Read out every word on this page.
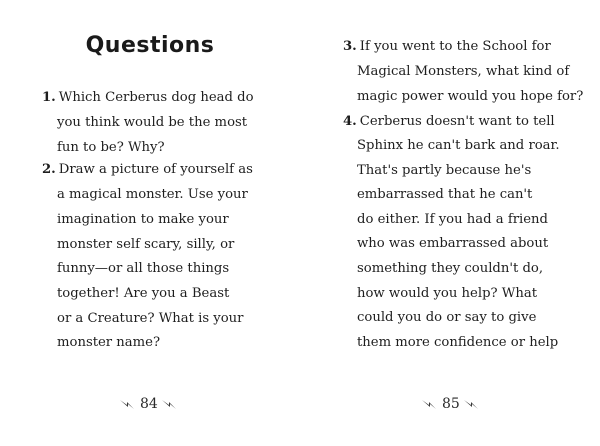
Questions
1. Which Cerberus dog head do
you think would be the most
fun to be? Why?
2. Draw a picture of yourself as
a magical monster. Use your
imagination to make your
monster self scary, silly, or
funny—or all those things
together! Are you a Beast
or a Creature? What is your
monster name?
84
3. If you went to the School for
Magical Monsters, what kind of
magic power would you hope for?
4. Cerberus doesn't want to tell
Sphinx he can't bark and roar.
That's partly because he's
embarrassed that he can't
do either. If you had a friend
who was embarrassed about
something they couldn't do,
how would you help? What
could you do or say to give
them more confidence or help
85
